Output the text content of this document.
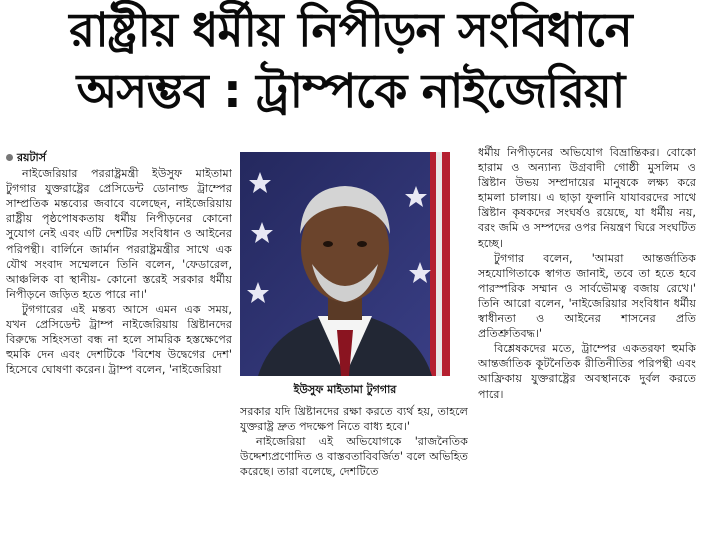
রাষ্ট্রীয় ধর্মীয় নিপীড়ন সংবিধানে
অসম্ভব : ট্রাম্পকে নাইজেরিয়া
রয়টার্স

নাইজেরিয়ার পররাষ্ট্রমন্ত্রী ইউসুফ মাইতামা টুগগার যুক্তরাষ্ট্রের প্রেসিডেন্ট ডোনাল্ড ট্রাম্পের সাম্প্রতিক মন্তব্যের জবাবে বলেছেন, নাইজেরিয়ায় রাষ্ট্রীয় পৃষ্ঠপোষকতায় ধর্মীয় নিপীড়নের কোনো সুযোগ নেই এবং এটি দেশটির সংবিধান ও আইনের পরিপন্থী। বার্লিনে জার্মান পররাষ্ট্রমন্ত্রীর সাথে এক যৌথ সংবাদ সম্মেলনে তিনি বলেন, 'ফেডারেল, আঞ্চলিক বা স্থানীয়- কোনো স্তরেই সরকার ধর্মীয় নিপীড়নে জড়িত হতে পারে না।'

টুগগারের এই মন্তব্য আসে এমন এক সময়, যখন প্রেসিডেন্ট ট্রাম্প নাইজেরিয়ায় খ্রিষ্টানদের বিরুদ্ধে সহিংসতা বন্ধ না হলে সামরিক হস্তক্ষেপের হুমকি দেন এবং দেশটিকে 'বিশেষ উদ্বেগের দেশ' হিসেবে ঘোষণা করেন। ট্রাম্প বলেন, 'নাইজেরিয়া

ইউসুফ মাইতামা টুগগার

সরকার যদি খ্রিষ্টানদের রক্ষা করতে ব্যর্থ হয়, তাহলে যুক্তরাষ্ট্র দ্রুত পদক্ষেপ নিতে বাধ্য হবে।'

নাইজেরিয়া এই অভিযোগকে 'রাজনৈতিক উদ্দেশ্যপ্রণোদিত ও বাস্তবতাবিবর্জিত' বলে অভিহিত করেছে। তারা বলেছে, দেশটিতে

ধর্মীয় নিপীড়নের অভিযোগ বিভ্রান্তিকর। বোকো হারাম ও অন্যান্য উগ্রবাদী গোষ্ঠী মুসলিম ও খ্রিষ্টান উভয় সম্প্রদায়ের মানুষকে লক্ষ্য করে হামলা চালায়। এ ছাড়া ফুলানি যাযাবরদের সাথে খ্রিষ্টান কৃষকদের সংঘর্ষও রয়েছে, যা ধর্মীয় নয়, বরং জমি ও সম্পদের ওপর নিয়ন্ত্রণ ঘিরে সংঘটিত হচ্ছে।

টুগগার বলেন, 'আমরা আন্তর্জাতিক সহযোগিতাকে স্বাগত জানাই, তবে তা হতে হবে পারস্পরিক সম্মান ও সার্বভৌমত্ব বজায় রেখে।' তিনি আরো বলেন, 'নাইজেরিয়ার সংবিধান ধর্মীয় স্বাধীনতা ও আইনের শাসনের প্রতি প্রতিশ্রুতিবদ্ধ।'

বিশ্লেষকদের মতে, ট্রাম্পের একতরফা হুমকি আন্তর্জাতিক কূটনৈতিক রীতিনীতির পরিপন্থী এবং আফ্রিকায় যুক্তরাষ্ট্রের অবস্থানকে দুর্বল করতে পারে।
